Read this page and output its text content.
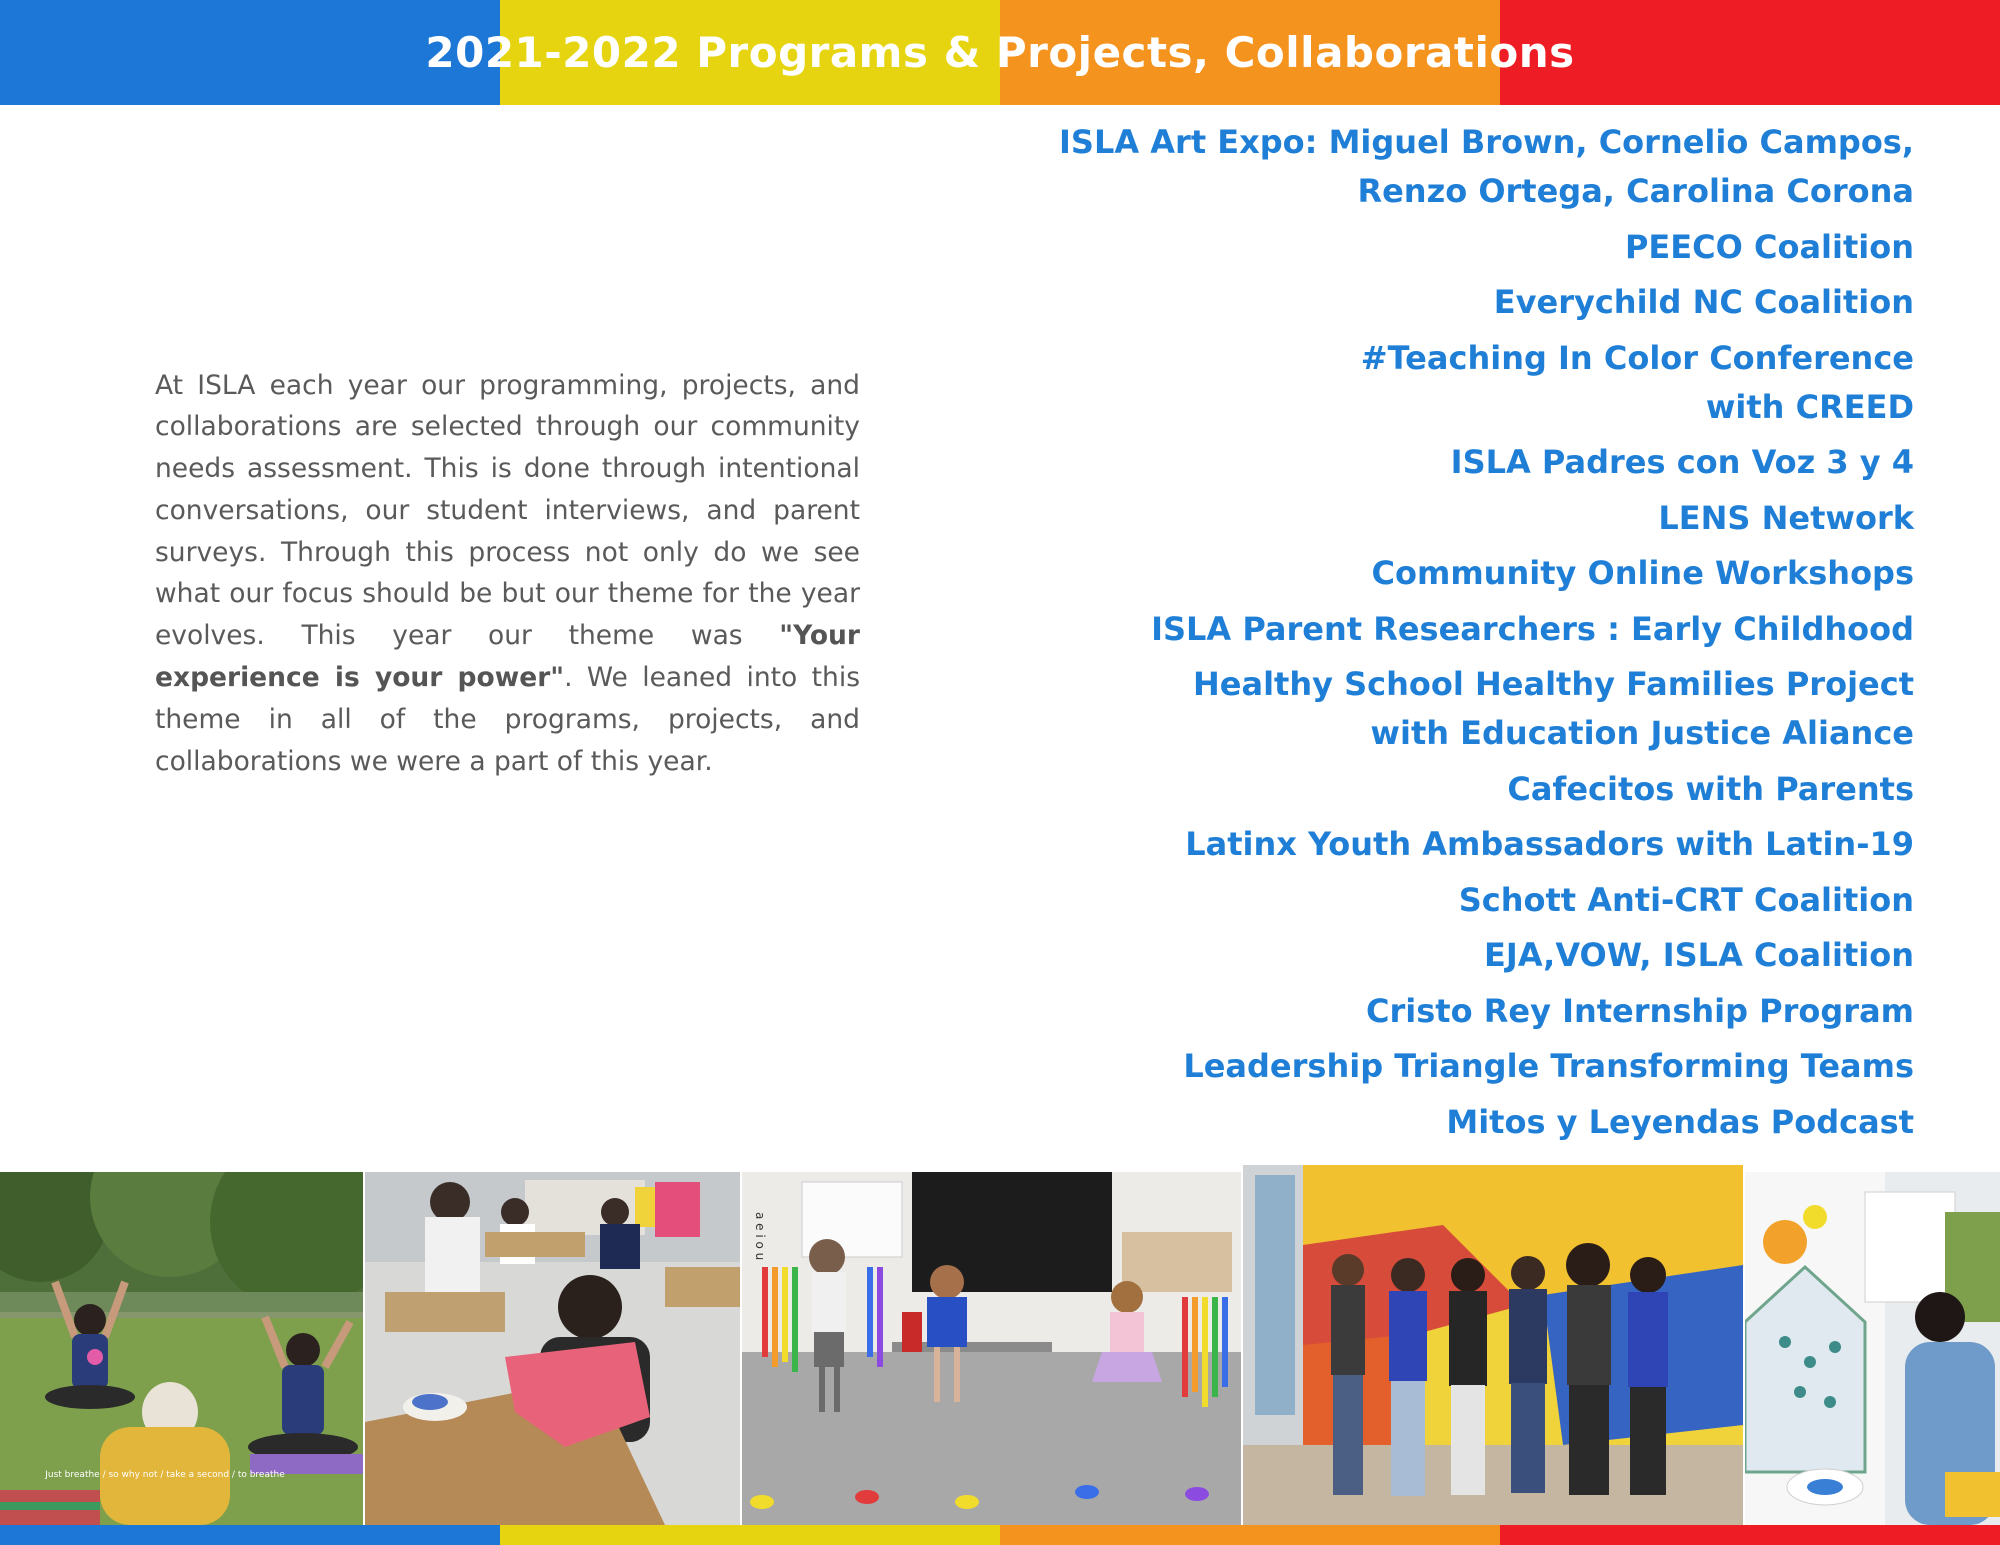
2021-2022 Programs & Projects, Collaborations

At ISLA each year our programming, projects, and collaborations are selected through our community needs assessment. This is done through intentional conversations, our student interviews, and parent surveys. Through this process not only do we see what our focus should be but our theme for the year evolves. This year our theme was "Your experience is your power". We leaned into this theme in all of the programs, projects, and collaborations we were a part of this year.

ISLA Art Expo: Miguel Brown, Cornelio Campos,
Renzo Ortega, Carolina Corona
PEECO Coalition
Everychild NC Coalition
#Teaching In Color Conference
with CREED
ISLA Padres con Voz 3 y 4
LENS Network
Community Online Workshops
ISLA Parent Researchers : Early Childhood
Healthy School Healthy Families Project
with Education Justice Aliance
Cafecitos with Parents
Latinx Youth Ambassadors with Latin-19
Schott Anti-CRT Coalition
EJA,VOW, ISLA Coalition
Cristo Rey Internship Program
Leadership Triangle Transforming Teams
Mitos y Leyendas Podcast
Just breathe / so why not / take a second / to breathe
a e i o u
